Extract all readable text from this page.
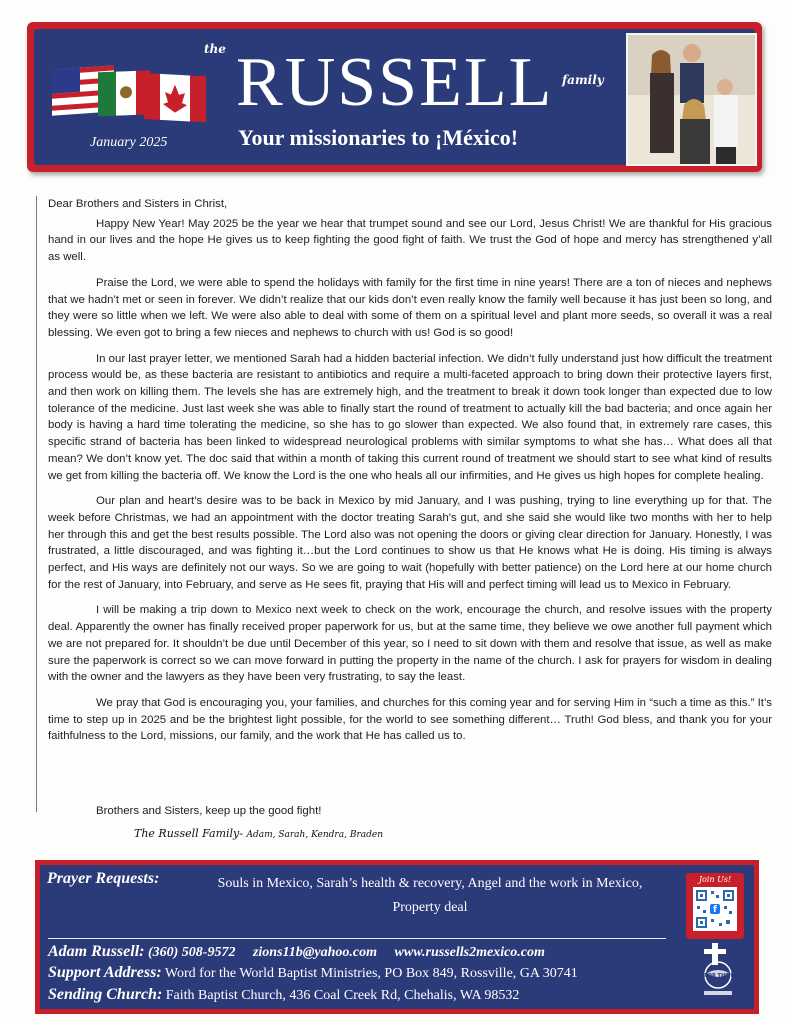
the RUSSELL family
January 2025	Your missionaries to ¡México!

Dear Brothers and Sisters in Christ,

Happy New Year! May 2025 be the year we hear that trumpet sound and see our Lord, Jesus Christ! We are thankful for His gracious hand in our lives and the hope He gives us to keep fighting the good fight of faith. We trust the God of hope and mercy has strengthened y’all as well.

Praise the Lord, we were able to spend the holidays with family for the first time in nine years! There are a ton of nieces and nephews that we hadn’t met or seen in forever. We didn’t realize that our kids don’t even really know the family well because it has just been so long, and they were so little when we left. We were also able to deal with some of them on a spiritual level and plant more seeds, so overall it was a real blessing. We even got to bring a few nieces and nephews to church with us! God is so good!

In our last prayer letter, we mentioned Sarah had a hidden bacterial infection. We didn’t fully understand just how difficult the treatment process would be, as these bacteria are resistant to antibiotics and require a multi-faceted approach to bring down their protective layers first, and then work on killing them. The levels she has are extremely high, and the treatment to break it down took longer than expected due to low tolerance of the medicine. Just last week she was able to finally start the round of treatment to actually kill the bad bacteria; and once again her body is having a hard time tolerating the medicine, so she has to go slower than expected. We also found that, in extremely rare cases, this specific strand of bacteria has been linked to widespread neurological problems with similar symptoms to what she has… What does all that mean? We don’t know yet. The doc said that within a month of taking this current round of treatment we should start to see what kind of results we get from killing the bacteria off. We know the Lord is the one who heals all our infirmities, and He gives us high hopes for complete healing.

Our plan and heart’s desire was to be back in Mexico by mid January, and I was pushing, trying to line everything up for that. The week before Christmas, we had an appointment with the doctor treating Sarah’s gut, and she said she would like two months with her to help her through this and get the best results possible. The Lord also was not opening the doors or giving clear direction for January. Honestly, I was frustrated, a little discouraged, and was fighting it…but the Lord continues to show us that He knows what He is doing. His timing is always perfect, and His ways are definitely not our ways. So we are going to wait (hopefully with better patience) on the Lord here at our home church for the rest of January, into February, and serve as He sees fit, praying that His will and perfect timing will lead us to Mexico in February.

I will be making a trip down to Mexico next week to check on the work, encourage the church, and resolve issues with the property deal. Apparently the owner has finally received proper paperwork for us, but at the same time, they believe we owe another full payment which we are not prepared for. It shouldn’t be due until December of this year, so I need to sit down with them and resolve that issue, as well as make sure the paperwork is correct so we can move forward in putting the property in the name of the church. I ask for prayers for wisdom in dealing with the owner and the lawyers as they have been very frustrating, to say the least.

We pray that God is encouraging you, your families, and churches for this coming year and for serving Him in “such a time as this.” It’s time to step up in 2025 and be the brightest light possible, for the world to see something different… Truth! God bless, and thank you for your faithfulness to the Lord, missions, our family, and the work that He has called us to.

Brothers and Sisters, keep up the good fight!
The Russell Family- Adam, Sarah, Kendra, Braden
Prayer Requests:	Souls in Mexico, Sarah’s health & recovery, Angel and the work in Mexico,
Property deal
Join Us!
f
Adam Russell: (360) 508-9572 zions11b@yahoo.com www.russells2mexico.com
Support Address: Word for the World Baptist Ministries, PO Box 849, Rossville, GA 30741
Sending Church: Faith Baptist Church, 436 Coal Creek Rd, Chehalis, WA 98532
WORD FOR THE WORLD
